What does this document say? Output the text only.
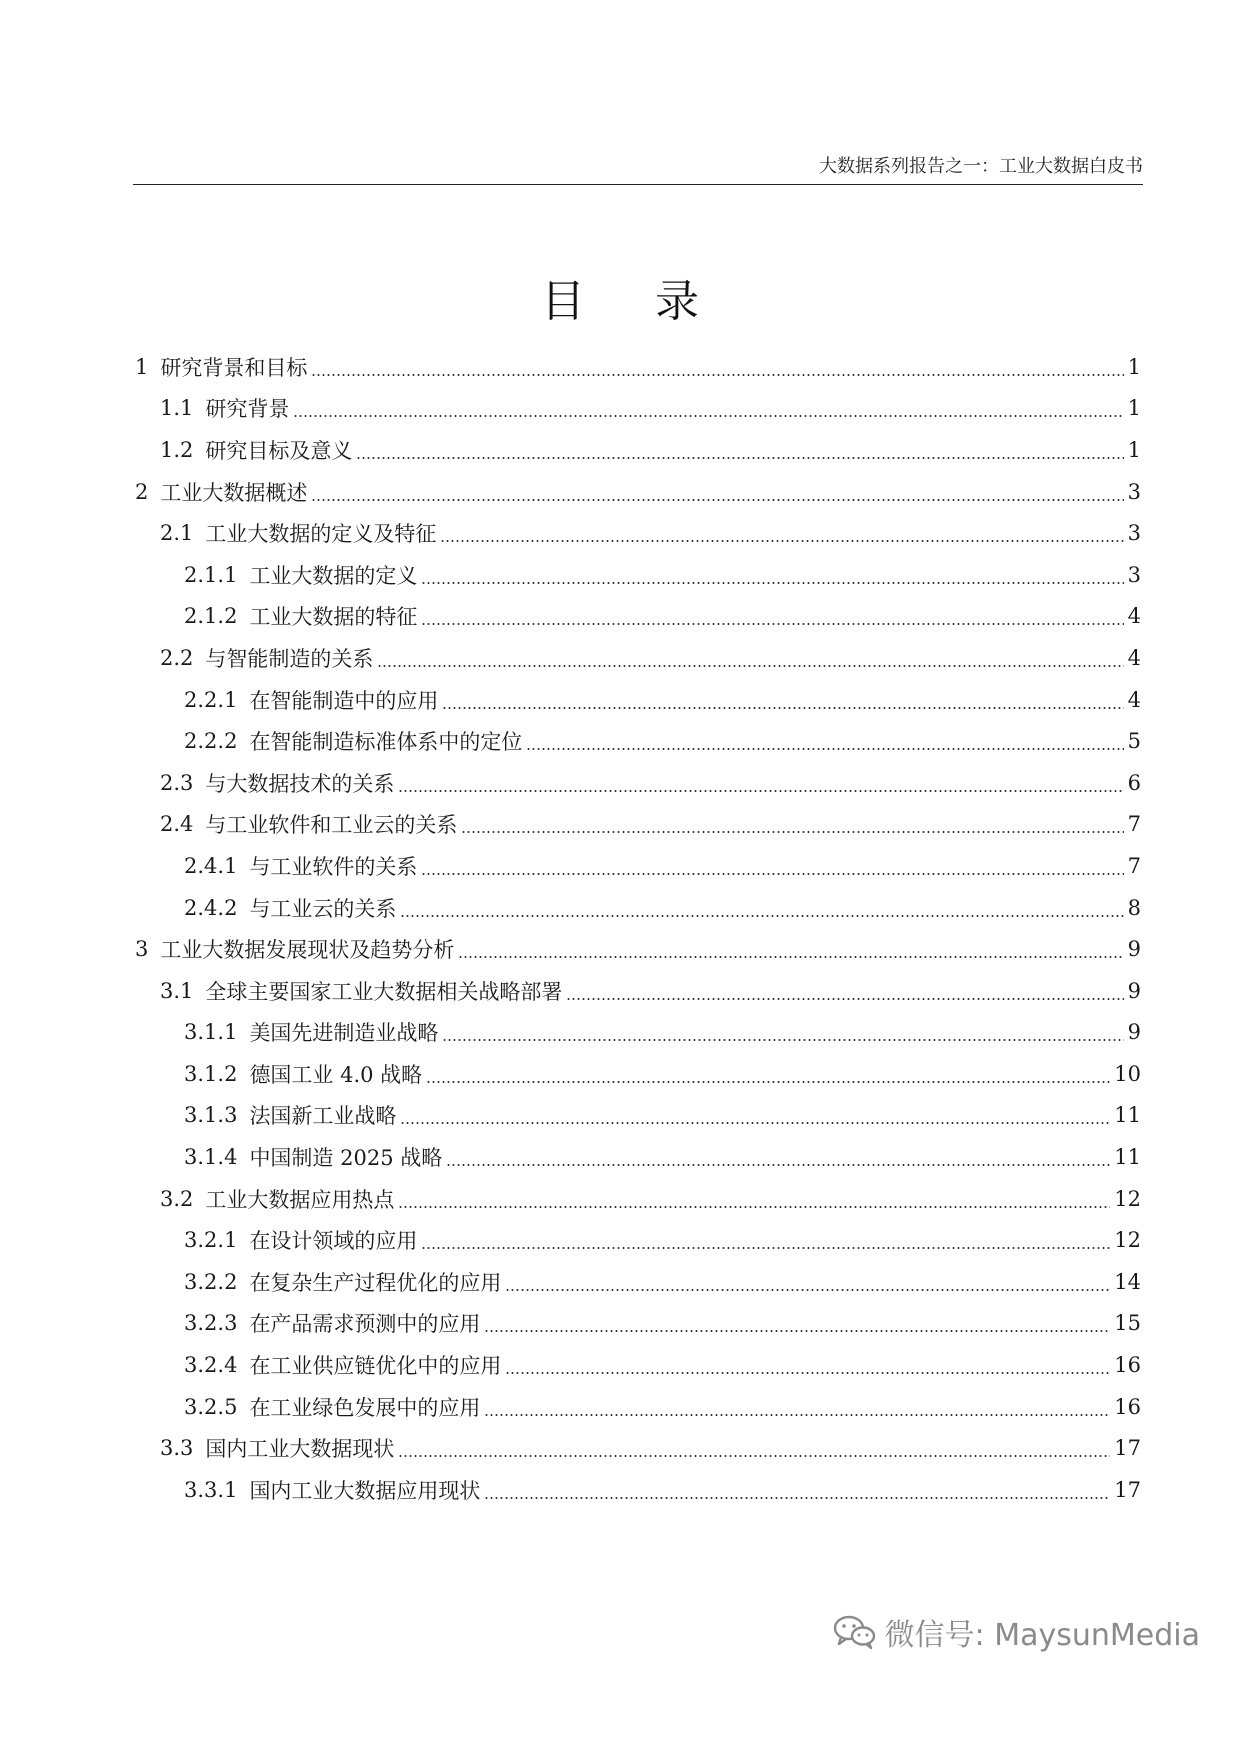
大数据系列报告之一：工业大数据白皮书
目 录
1 研究背景和目标	1
1.1 研究背景	1
1.2 研究目标及意义	1
2 工业大数据概述	3
2.1 工业大数据的定义及特征	3
2.1.1 工业大数据的定义	3
2.1.2 工业大数据的特征	4
2.2 与智能制造的关系	4
2.2.1 在智能制造中的应用	4
2.2.2 在智能制造标准体系中的定位	5
2.3 与大数据技术的关系	6
2.4 与工业软件和工业云的关系	7
2.4.1 与工业软件的关系	7
2.4.2 与工业云的关系	8
3 工业大数据发展现状及趋势分析	9
3.1 全球主要国家工业大数据相关战略部署	9
3.1.1 美国先进制造业战略	9
3.1.2 德国工业 4.0 战略	10
3.1.3 法国新工业战略	11
3.1.4 中国制造 2025 战略	11
3.2 工业大数据应用热点	12
3.2.1 在设计领域的应用	12
3.2.2 在复杂生产过程优化的应用	14
3.2.3 在产品需求预测中的应用	15
3.2.4 在工业供应链优化中的应用	16
3.2.5 在工业绿色发展中的应用	16
3.3 国内工业大数据现状	17
3.3.1 国内工业大数据应用现状	17
微信号: MaysunMedia
